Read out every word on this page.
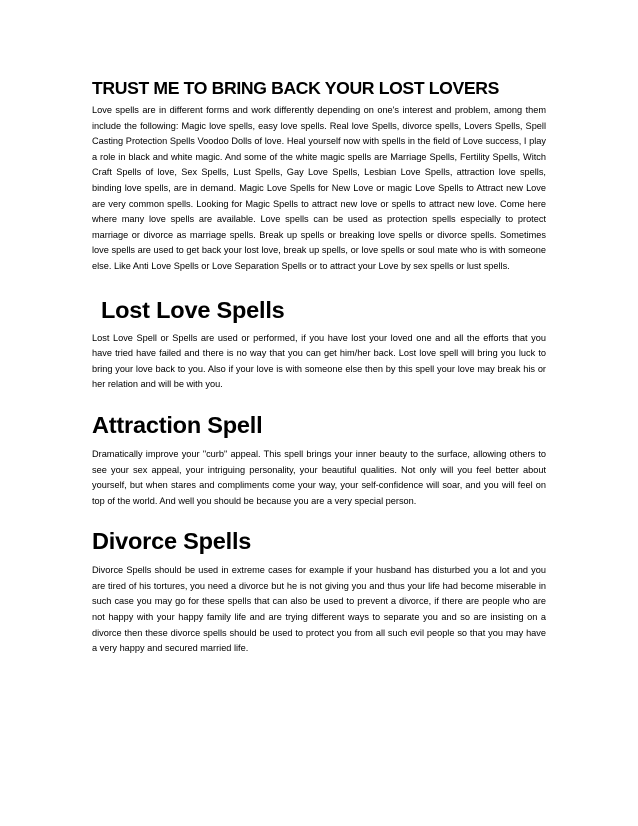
TRUST ME TO BRING BACK YOUR LOST LOVERS

Love spells are in different forms and work differently depending on one's interest and problem, among them include the following: Magic love spells, easy love spells. Real love Spells, divorce spells, Lovers Spells, Spell Casting Protection Spells Voodoo Dolls of love. Heal yourself now with spells in the field of Love success, I play a role in black and white magic. And some of the white magic spells are Marriage Spells, Fertility Spells, Witch Craft Spells of love, Sex Spells, Lust Spells, Gay Love Spells, Lesbian Love Spells, attraction love spells, binding love spells, are in demand. Magic Love Spells for New Love or magic Love Spells to Attract new Love are very common spells. Looking for Magic Spells to attract new love or spells to attract new love. Come here where many love spells are available. Love spells can be used as protection spells especially to protect marriage or divorce as marriage spells. Break up spells or breaking love spells or divorce spells. Sometimes love spells are used to get back your lost love, break up spells, or love spells or soul mate who is with someone else. Like Anti Love Spells or Love Separation Spells or to attract your Love by sex spells or lust spells.

Lost Love Spells

Lost Love Spell or Spells are used or performed, if you have lost your loved one and all the efforts that you have tried have failed and there is no way that you can get him/her back. Lost love spell will bring you luck to bring your love back to you. Also if your love is with someone else then by this spell your love may break his or her relation and will be with you.

Attraction Spell

Dramatically improve your "curb" appeal. This spell brings your inner beauty to the surface, allowing others to see your sex appeal, your intriguing personality, your beautiful qualities. Not only will you feel better about yourself, but when stares and compliments come your way, your self-confidence will soar, and you will feel on top of the world. And well you should be because you are a very special person.

Divorce Spells

Divorce Spells should be used in extreme cases for example if your husband has disturbed you a lot and you are tired of his tortures, you need a divorce but he is not giving you and thus your life had become miserable in such case you may go for these spells that can also be used to prevent a divorce, if there are people who are not happy with your happy family life and are trying different ways to separate you and so are insisting on a divorce then these divorce spells should be used to protect you from all such evil people so that you may have a very happy and secured married life.
